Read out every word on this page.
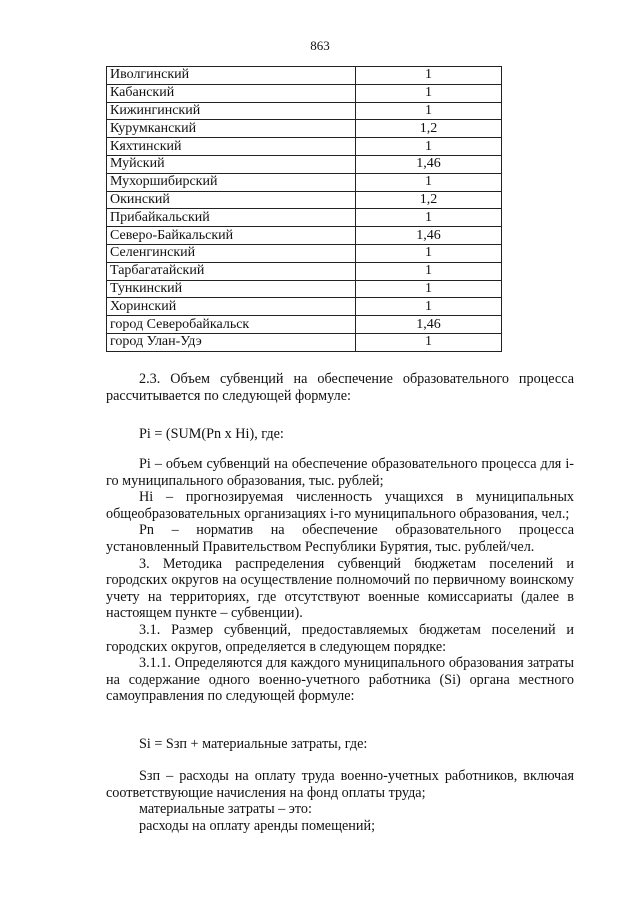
863
Иволгинский	1
Кабанский	1
Кижингинский	1
Курумканский	1,2
Кяхтинский	1
Муйский	1,46
Мухоршибирский	1
Окинский	1,2
Прибайкальский	1
Северо-Байкальский	1,46
Селенгинский	1
Тарбагатайский	1
Тункинский	1
Хоринский	1
город Северобайкальск	1,46
город Улан-Удэ	1

2.3. Объем субвенций на обеспечение образовательного процесса рассчитывается по следующей формуле:

Pi = (SUM(Pn x Hi), где:

Pi – объем субвенций на обеспечение образовательного процесса для i-го муниципального образования, тыс. рублей;

Hi – прогнозируемая численность учащихся в муниципальных общеобразовательных организациях i-го муниципального образования, чел.;

Pn – норматив на обеспечение образовательного процесса установленный Правительством Республики Бурятия, тыс. рублей/чел.

3. Методика распределения субвенций бюджетам поселений и городских округов на осуществление полномочий по первичному воинскому учету на территориях, где отсутствуют военные комиссариаты (далее в настоящем пункте – субвенции).

3.1. Размер субвенций, предоставляемых бюджетам поселений и городских округов, определяется в следующем порядке:

3.1.1. Определяются для каждого муниципального образования затраты на содержание одного военно-учетного работника (Si) органа местного самоуправления по следующей формуле:

Si = Sзп + материальные затраты, где:

Sзп – расходы на оплату труда военно-учетных работников, включая соответствующие начисления на фонд оплаты труда;

материальные затраты – это:

расходы на оплату аренды помещений;
